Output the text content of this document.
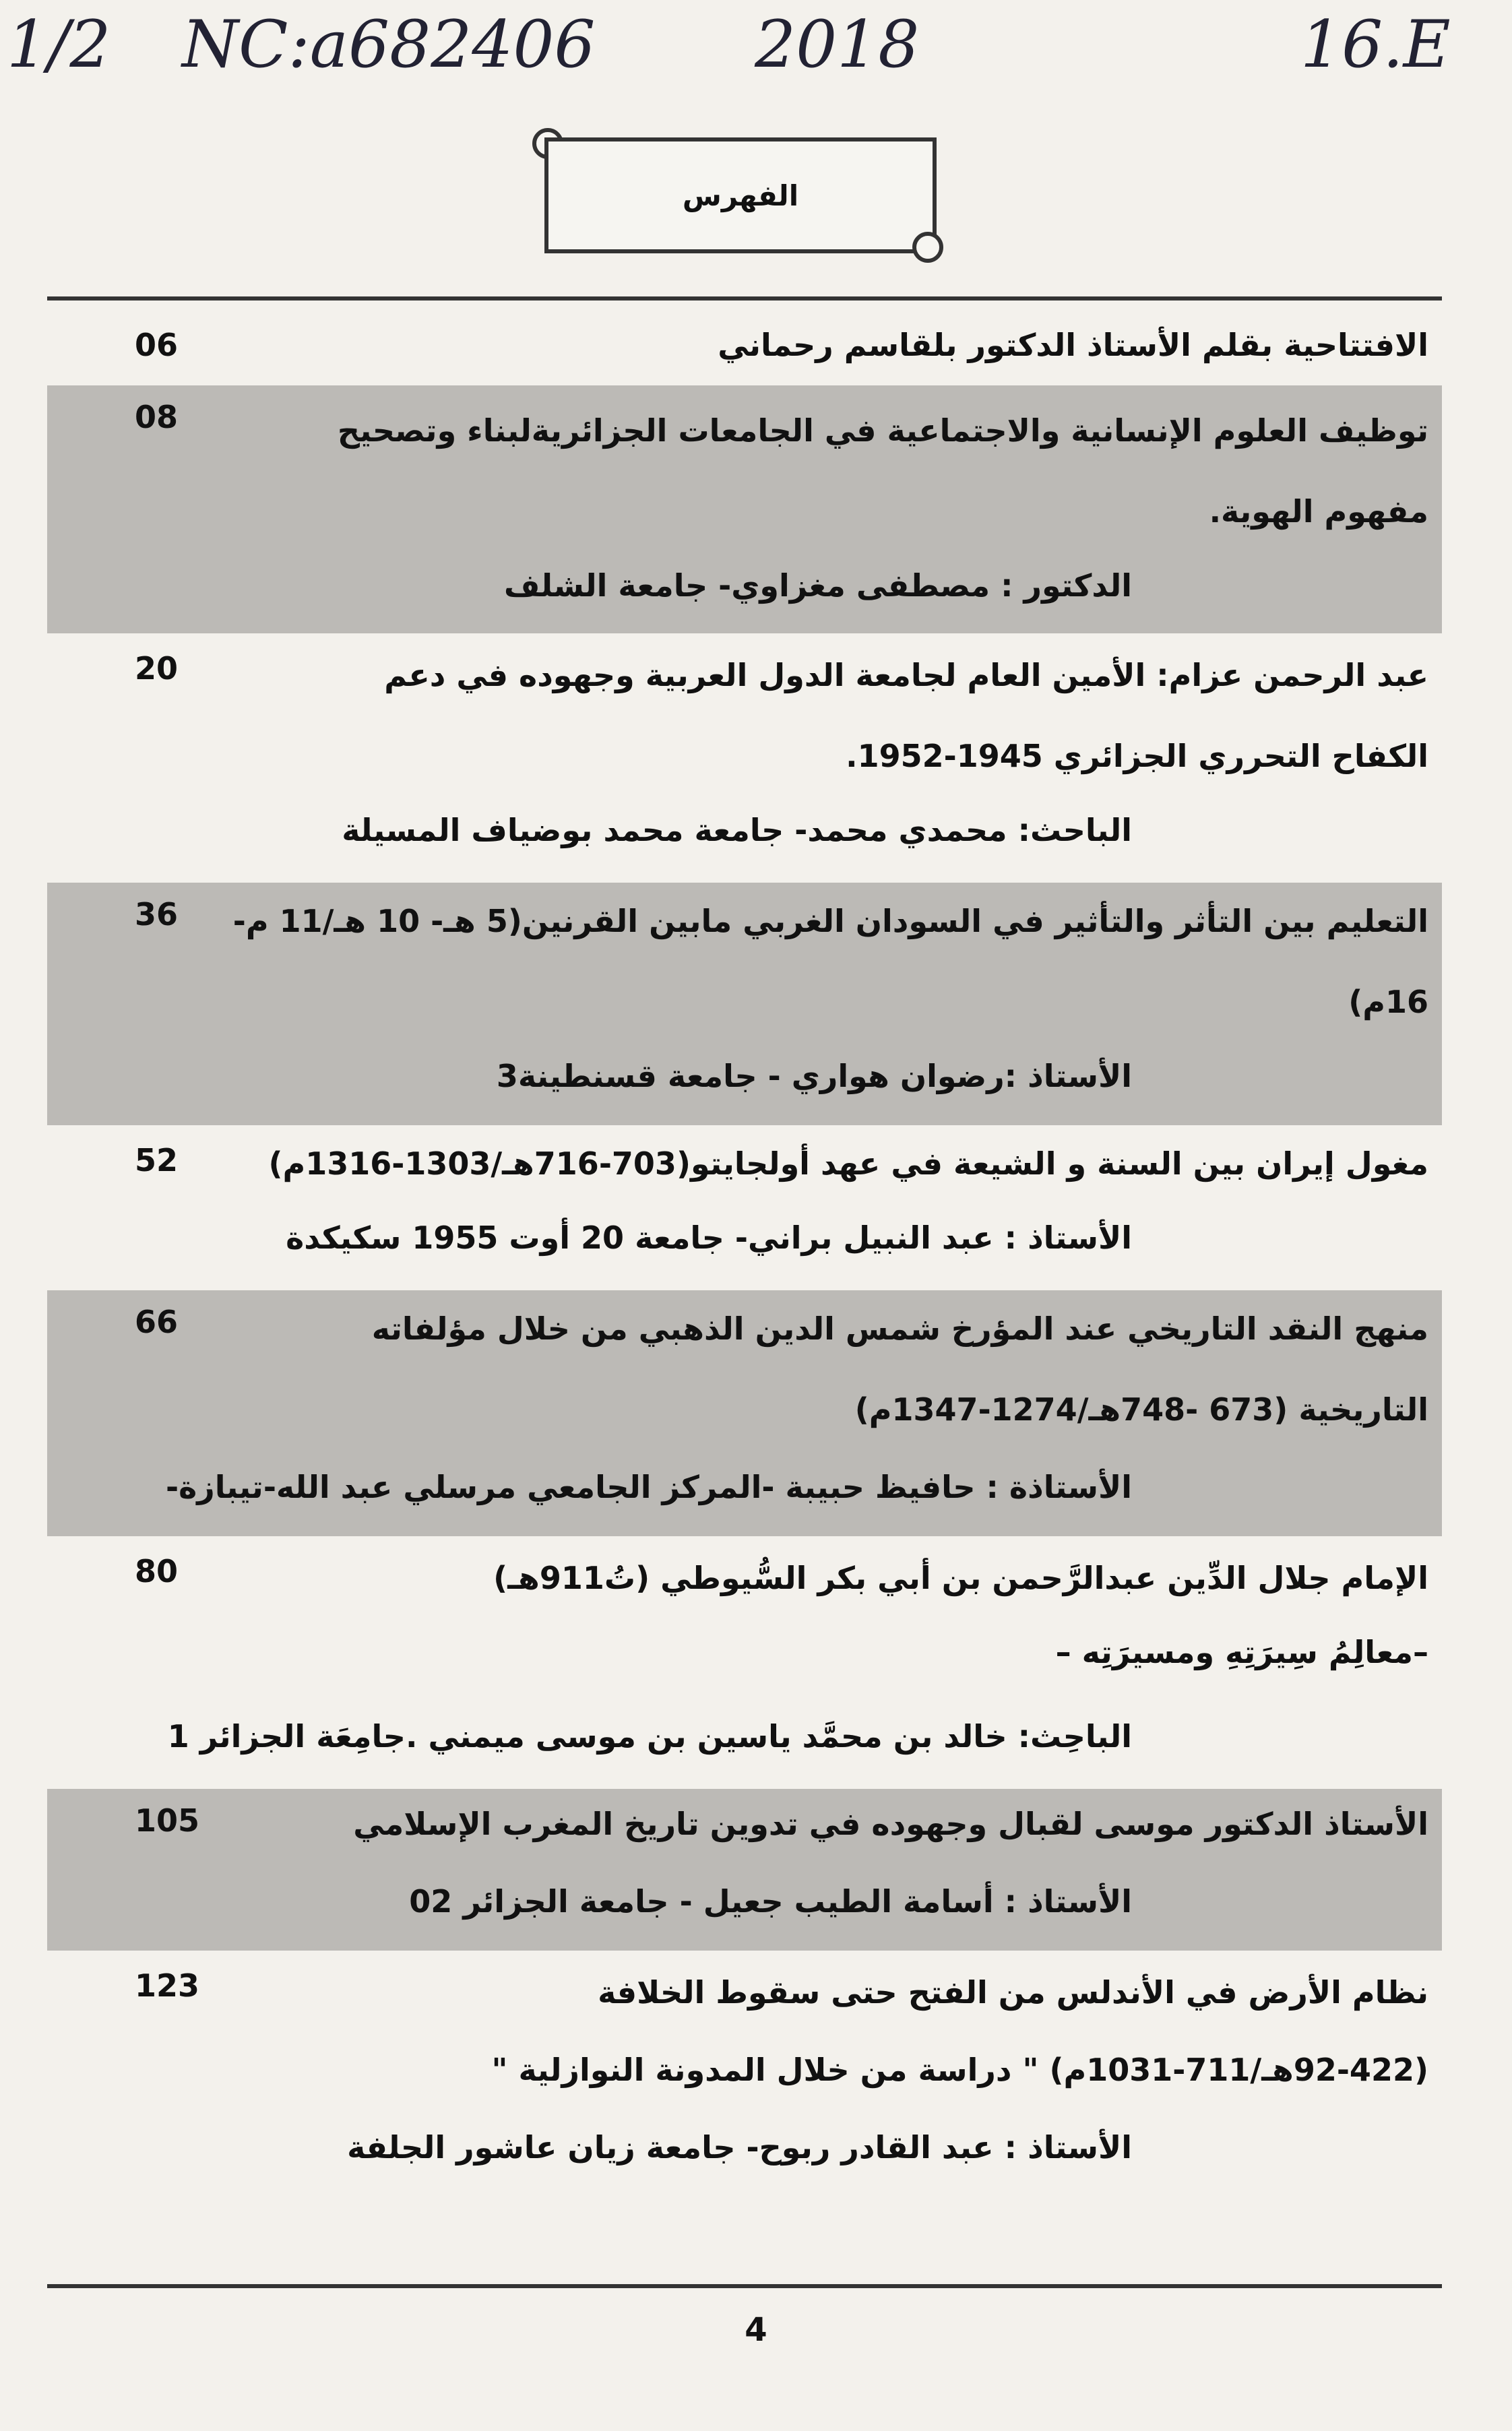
1/2 NC:a682406 2018	16.E
الفهرس
الافتتاحية بقلم الأستاذ الدكتور بلقاسم رحماني
06
توظيف العلوم الإنسانية والاجتماعية في الجامعات الجزائريةلبناء وتصحيح
مفهوم الهوية.
الدكتور : مصطفى مغزاوي- جامعة الشلف
08
عبد الرحمن عزام: الأمين العام لجامعة الدول العربية وجهوده في دعم
الكفاح التحرري الجزائري 1945-1952.
الباحث: محمدي محمد- جامعة محمد بوضياف المسيلة
20
التعليم بين التأثر والتأثير في السودان الغربي مابين القرنين(5 هـ- 10 هـ/11 م-
16م)
الأستاذ :رضوان هواري - جامعة قسنطينة3
36
مغول إيران بين السنة و الشيعة في عهد أولجايتو(703-716هـ/1303-1316م)
الأستاذ : عبد النبيل براني- جامعة 20 أوت 1955 سكيكدة
52
منهج النقد التاريخي عند المؤرخ شمس الدين الذهبي من خلال مؤلفاته
التاريخية (673 -748هـ/1274-1347م)
الأستاذة : حافيظ حبيبة -المركز الجامعي مرسلي عبد الله-تيبازة-
66
الإمام جلال الدِّين عبدالرَّحمن بن أبي بكر السُّيوطي (تُ911هـ)
–معالِمُ سِيرَتِهِ ومسيرَتِه –
الباحِث: خالد بن محمَّد ياسين بن موسى ميمني .جامِعَة الجزائر 1
80
الأستاذ الدكتور موسى لقبال وجهوده في تدوين تاريخ المغرب الإسلامي
الأستاذ : أسامة الطيب جعيل - جامعة الجزائر 02
105
نظام الأرض في الأندلس من الفتح حتى سقوط الخلافة
(92-422هـ/711-1031م) " دراسة من خلال المدونة النوازلية "
الأستاذ : عبد القادر ربوح- جامعة زيان عاشور الجلفة
123
4
